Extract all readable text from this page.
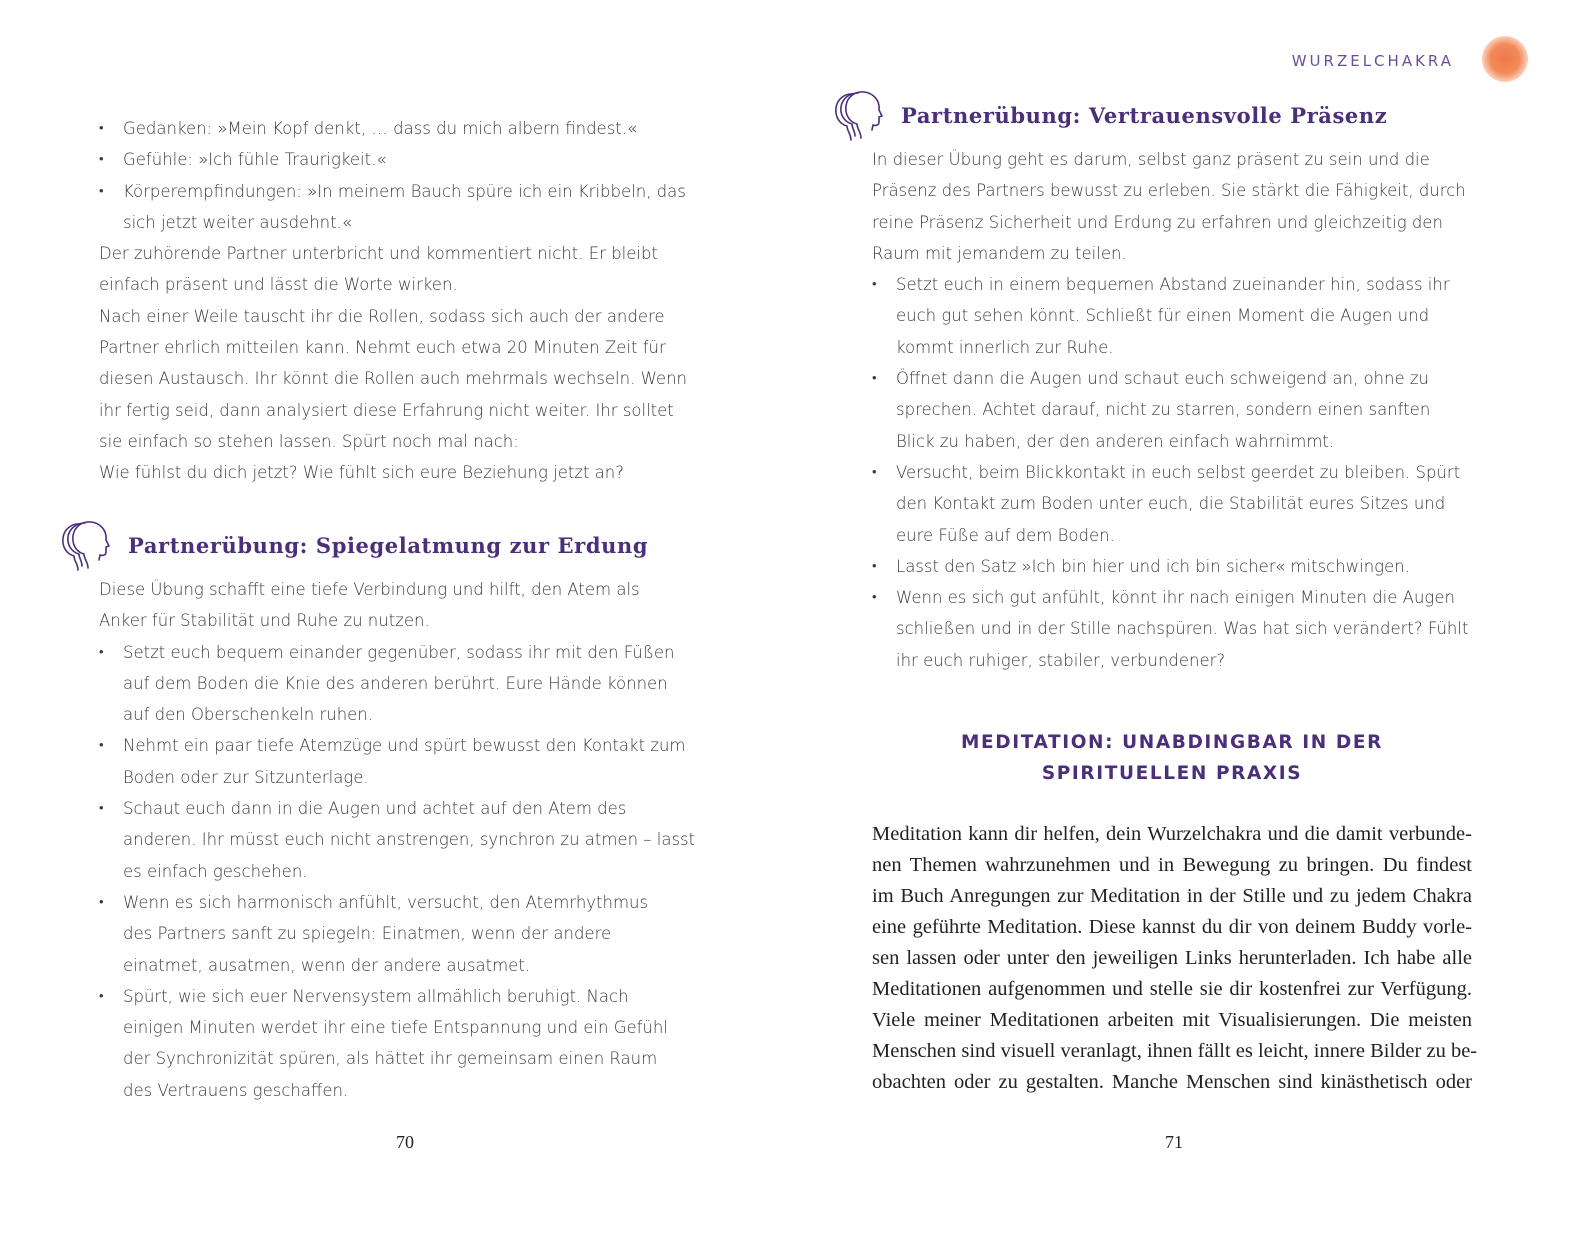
• Gedanken: »Mein Kopf denkt, … dass du mich albern findest.«
• Gefühle: »Ich fühle Traurigkeit.«
• Körperempfindungen: »In meinem Bauch spüre ich ein Kribbeln, das sich jetzt weiter ausdehnt.«

Der zuhörende Partner unterbricht und kommentiert nicht. Er bleibt einfach präsent und lässt die Worte wirken.

Nach einer Weile tauscht ihr die Rollen, sodass sich auch der andere Partner ehrlich mitteilen kann. Nehmt euch etwa 20 Minuten Zeit für diesen Austausch. Ihr könnt die Rollen auch mehrmals wechseln. Wenn ihr fertig seid, dann analysiert diese Erfahrung nicht weiter. Ihr solltet sie einfach so stehen lassen. Spürt noch mal nach:

Wie fühlst du dich jetzt? Wie fühlt sich eure Beziehung jetzt an?

Partnerübung: Spiegelatmung zur Erdung

Diese Übung schafft eine tiefe Verbindung und hilft, den Atem als Anker für Stabilität und Ruhe zu nutzen.

• Setzt euch bequem einander gegenüber, sodass ihr mit den Füßen auf dem Boden die Knie des anderen berührt. Eure Hände können auf den Oberschenkeln ruhen.
• Nehmt ein paar tiefe Atemzüge und spürt bewusst den Kontakt zum Boden oder zur Sitzunterlage.
• Schaut euch dann in die Augen und achtet auf den Atem des anderen. Ihr müsst euch nicht anstrengen, synchron zu atmen – lasst es einfach geschehen.
• Wenn es sich harmonisch anfühlt, versucht, den Atemrhythmus des Partners sanft zu spiegeln: Einatmen, wenn der andere einatmet, ausatmen, wenn der andere ausatmet.
• Spürt, wie sich euer Nervensystem allmählich beruhigt. Nach einigen Minuten werdet ihr eine tiefe Entspannung und ein Gefühl der Synchronizität spüren, als hättet ihr gemeinsam einen Raum des Vertrauens geschaffen.
70
WURZELCHAKRA
Partnerübung: Vertrauensvolle Präsenz

In dieser Übung geht es darum, selbst ganz präsent zu sein und die Präsenz des Partners bewusst zu erleben. Sie stärkt die Fähigkeit, durch reine Präsenz Sicherheit und Erdung zu erfahren und gleichzeitig den Raum mit jemandem zu teilen.

• Setzt euch in einem bequemen Abstand zueinander hin, sodass ihr euch gut sehen könnt. Schließt für einen Moment die Augen und kommt innerlich zur Ruhe.
• Öffnet dann die Augen und schaut euch schweigend an, ohne zu sprechen. Achtet darauf, nicht zu starren, sondern einen sanften Blick zu haben, der den anderen einfach wahrnimmt.
• Versucht, beim Blickkontakt in euch selbst geerdet zu bleiben. Spürt den Kontakt zum Boden unter euch, die Stabilität eures Sitzes und eure Füße auf dem Boden.
• Lasst den Satz »Ich bin hier und ich bin sicher« mitschwingen.
• Wenn es sich gut anfühlt, könnt ihr nach einigen Minuten die Augen schließen und in der Stille nachspüren. Was hat sich verändert? Fühlt ihr euch ruhiger, stabiler, verbundener?
MEDITATION: UNABDINGBAR IN DER
SPIRITUELLEN PRAXIS
Meditation kann dir helfen, dein Wurzelchakra und die damit verbunde-
nen Themen wahrzunehmen und in Bewegung zu bringen. Du findest
im Buch Anregungen zur Meditation in der Stille und zu jedem Chakra
eine geführte Meditation. Diese kannst du dir von deinem Buddy vorle-
sen lassen oder unter den jeweiligen Links herunterladen. Ich habe alle
Meditationen aufgenommen und stelle sie dir kostenfrei zur Verfügung.
Viele meiner Meditationen arbeiten mit Visualisierungen. Die meisten
Menschen sind visuell veranlagt, ihnen fällt es leicht, innere Bilder zu be-
obachten oder zu gestalten. Manche Menschen sind kinästhetisch oder
71
